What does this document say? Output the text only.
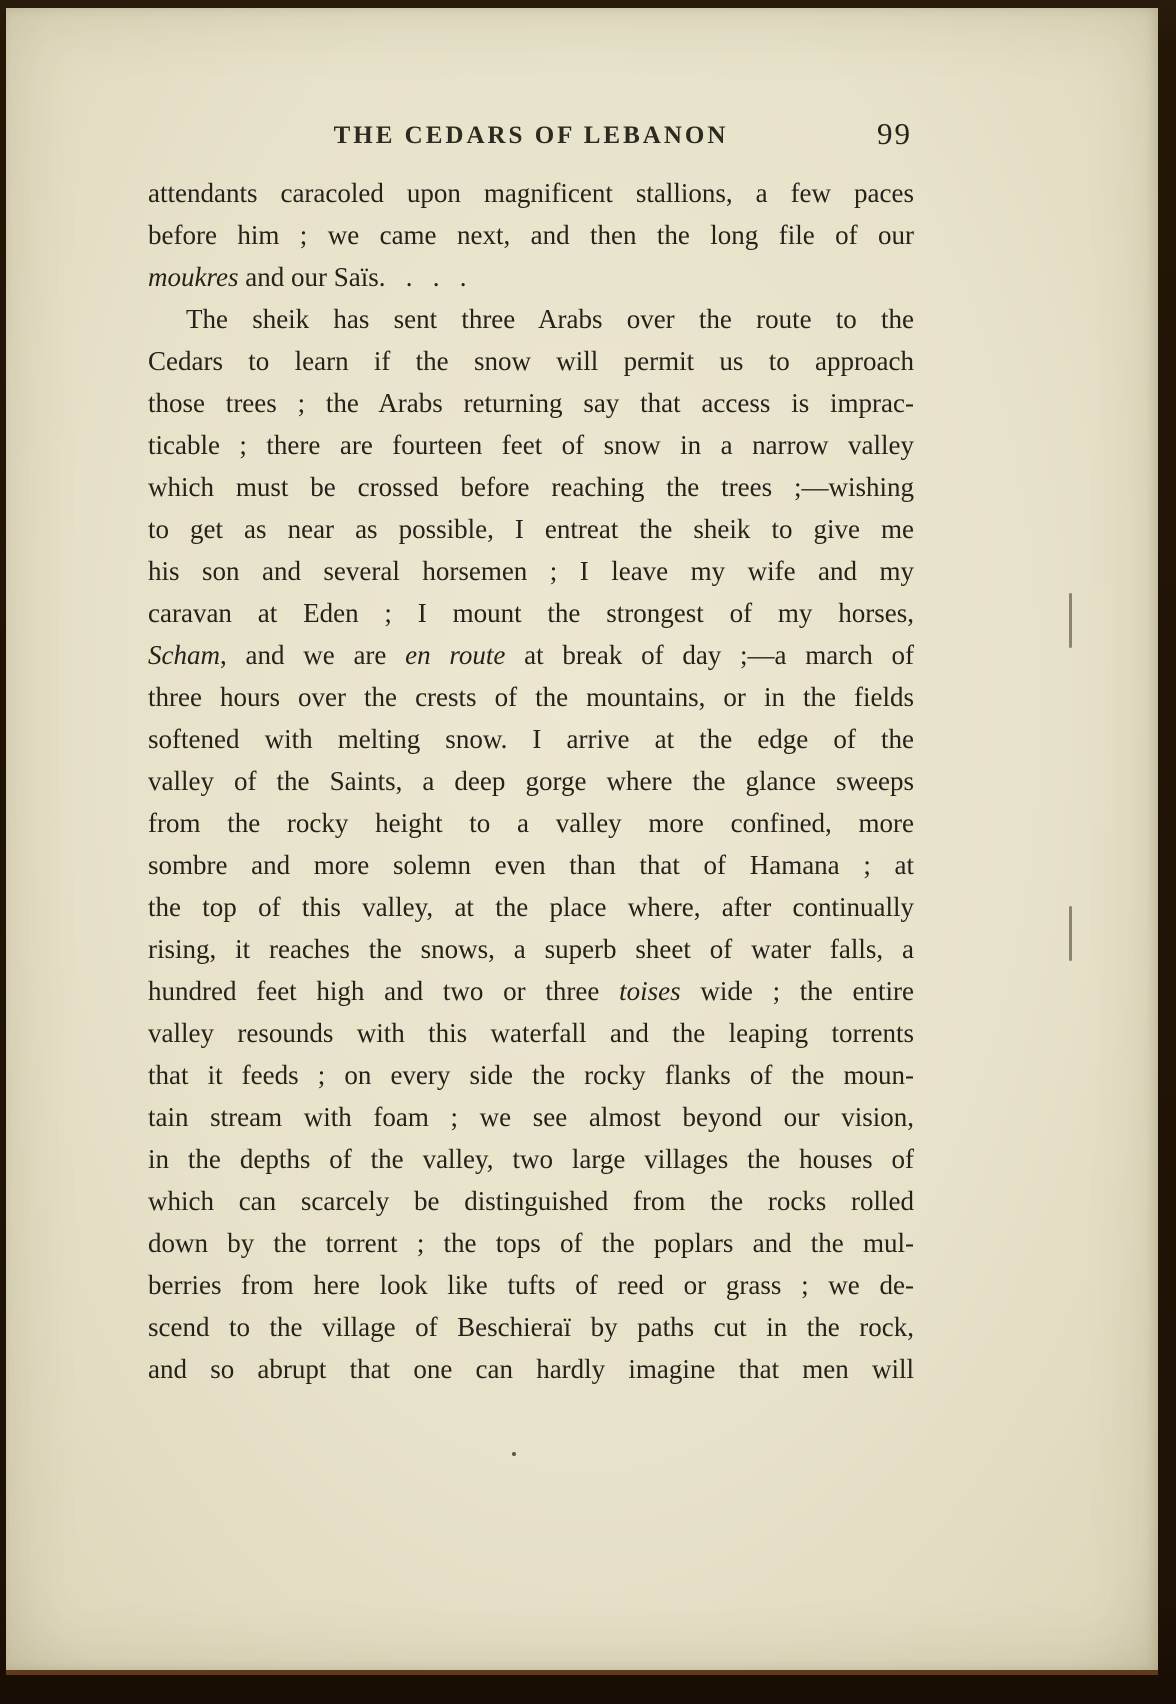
THE CEDARS OF LEBANON	99
attendants caracoled upon magnificent stallions, a few paces
before him ; we came next, and then the long file of our
moukres and our Saïs.   .   .   .
The sheik has sent three Arabs over the route to the
Cedars to learn if the snow will permit us to approach
those trees ; the Arabs returning say that access is imprac-
ticable ; there are fourteen feet of snow in a narrow valley
which must be crossed before reaching the trees ;—wishing
to get as near as possible, I entreat the sheik to give me
his son and several horsemen ; I leave my wife and my
caravan at Eden ; I mount the strongest of my horses,
Scham, and we are en route at break of day ;—a march of
three hours over the crests of the mountains, or in the fields
softened with melting snow. I arrive at the edge of the
valley of the Saints, a deep gorge where the glance sweeps
from the rocky height to a valley more confined, more
sombre and more solemn even than that of Hamana ; at
the top of this valley, at the place where, after continually
rising, it reaches the snows, a superb sheet of water falls, a
hundred feet high and two or three toises wide ; the entire
valley resounds with this waterfall and the leaping torrents
that it feeds ; on every side the rocky flanks of the moun-
tain stream with foam ; we see almost beyond our vision,
in the depths of the valley, two large villages the houses of
which can scarcely be distinguished from the rocks rolled
down by the torrent ; the tops of the poplars and the mul-
berries from here look like tufts of reed or grass ; we de-
scend to the village of Beschieraï by paths cut in the rock,
and so abrupt that one can hardly imagine that men will
